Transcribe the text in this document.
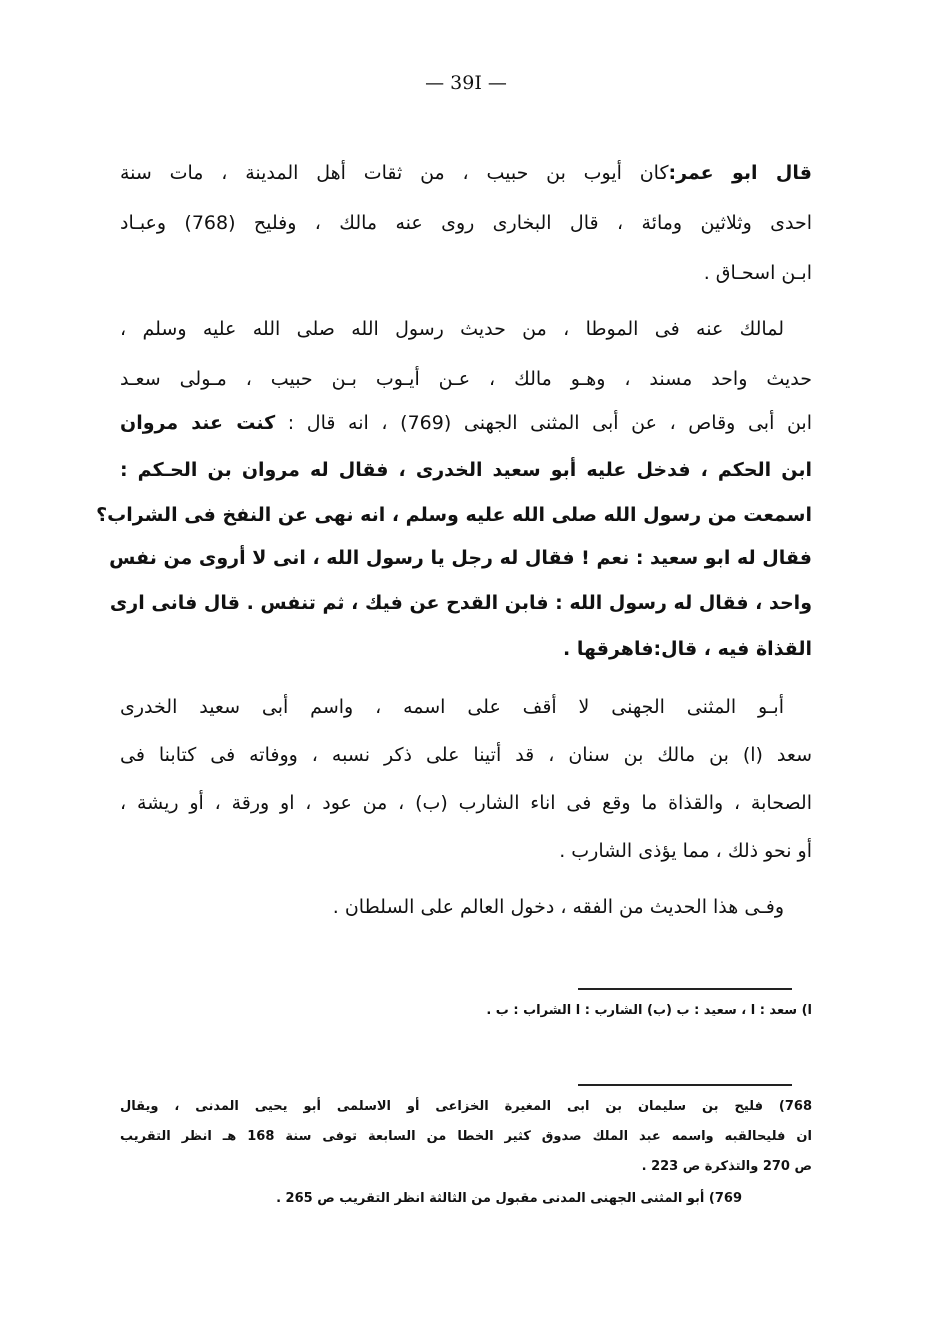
— 39I —
قال ابو عمر:كان أيوب بن حبيب ، من ثقات أهل المدينة ، مات سنة
احدى وثلاثين ومائة ، قال البخارى روى عنه مالك ، وفليح (768) وعبـاد
ابـن اسحـاق .
لمالك عنه فى الموطا ، من حديث رسول الله صلى الله عليه وسلم ،
حديث واحد مسند ، وهـو مالك ، عـن أيـوب بـن حبيب ، مـولى سعـد
ابن أبى وقاص ، عن أبى المثنى الجهنى (769) ، انه قال : كنت عند مروان
ابن الحكم ، فدخل عليه أبو سعيد الخدرى ، فقال له مروان بن الحـكم :
اسمعت من رسول الله صلى الله عليه وسلم ، انه نهى عن النفخ فى الشراب؟
فقال له ابو سعيد : نعم ! فقال له رجل يا رسول الله ، انى لا أروى من نفس
واحد ، فقال له رسول الله : فابن القدح عن فيك ، ثم تنفس . قال فانى ارى
القذاة فيه ، قال:فاهرقها .
أبـو المثنى الجهنى لا أقف على اسمه ، واسم أبى سعيد الخدرى
سعد (ا) بن مالك بن سنان ، قد أتينا على ذكر نسبه ، ووفاته فى كتابنا فى
الصحابة ، والقذاة ما وقع فى اناء الشارب (ب) ، من عود ، او ورقة ، أو ريشة ،
أو نحو ذلك ، مما يؤذى الشارب .
وفـى هذا الحديث من الفقه ، دخول العالم على السلطان .
ا) سعد : ا ، سعيد : ب (ب) الشارب : ا الشراب : ب .
768) فليح بن سليمان بن ابى المغيرة الخزاعى أو الاسلمى أبو يحيى المدنى ، ويقال
ان فليحالقبه واسمه عبد الملك صدوق كثير الخطا من السابعة توفى سنة 168 هـ انظر التقريب
ص 270 والتذكرة ص 223 .
769) أبو المثنى الجهنى المدنى مقبول من الثالثة انظر التقريب ص 265 .
